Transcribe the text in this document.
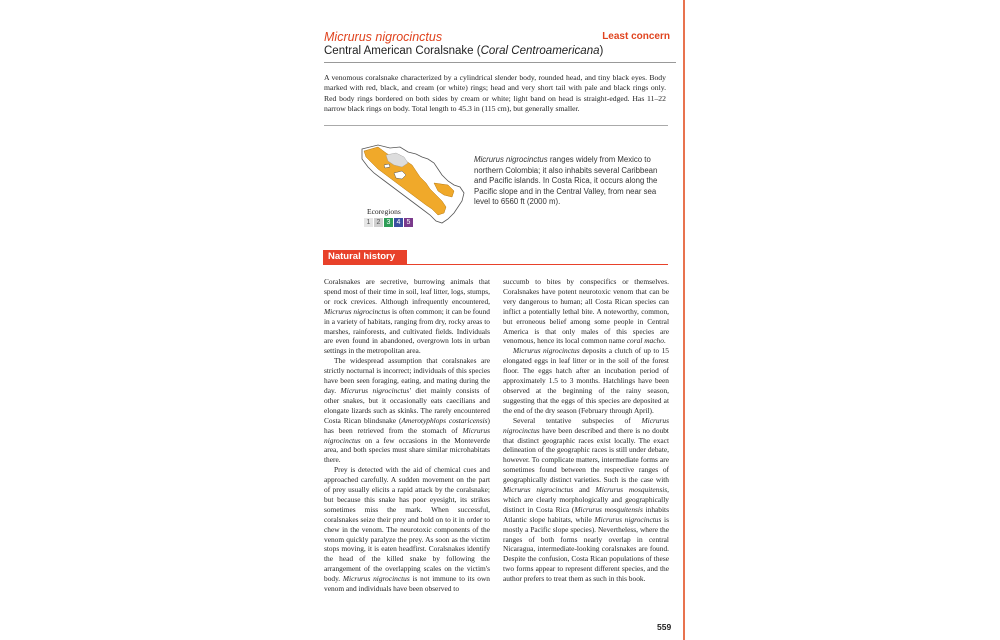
Micrurus nigrocinctus
Central American Coralsnake (Coral Centroamericana)
Least concern
A venomous coralsnake characterized by a cylindrical slender body, rounded head, and tiny black eyes. Body marked with red, black, and cream (or white) rings; head and very short tail with pale and black rings only. Red body rings bordered on both sides by cream or white; light band on head is straight-edged. Has 11–22 narrow black rings on body. Total length to 45.3 in (115 cm), but generally smaller.
Ecoregions
1 2 3 4 5
Micrurus nigrocinctus ranges widely from Mexico to northern Colombia; it also inhabits several Caribbean and Pacific islands. In Costa Rica, it occurs along the Pacific slope and in the Central Valley, from near sea level to 6560 ft (2000 m).
Natural history

Coralsnakes are secretive, burrowing animals that spend most of their time in soil, leaf litter, logs, stumps, or rock crevices. Although infrequently encountered, Micrurus nigrocinctus is often common; it can be found in a variety of habitats, ranging from dry, rocky areas to marshes, rainforests, and cultivated fields. Individuals are even found in abandoned, overgrown lots in urban settings in the metropolitan area.

The widespread assumption that coralsnakes are strictly nocturnal is incorrect; individuals of this species have been seen foraging, eating, and mating during the day. Micrurus nigrocinctus' diet mainly consists of other snakes, but it occasionally eats caecilians and elongate lizards such as skinks. The rarely encountered Costa Rican blindsnake (Amerotyphlops costaricensis) has been retrieved from the stomach of Micrurus nigrocinctus on a few occasions in the Monteverde area, and both species must share similar microhabitats there.

Prey is detected with the aid of chemical cues and approached carefully. A sudden movement on the part of prey usually elicits a rapid attack by the coralsnake; but because this snake has poor eyesight, its strikes sometimes miss the mark. When successful, coralsnakes seize their prey and hold on to it in order to chew in the venom. The neurotoxic components of the venom quickly paralyze the prey. As soon as the victim stops moving, it is eaten headfirst. Coralsnakes identify the head of the killed snake by following the arrangement of the overlapping scales on the victim's body. Micrurus nigrocinctus is not immune to its own venom and individuals have been observed to

succumb to bites by conspecifics or themselves. Coralsnakes have potent neurotoxic venom that can be very dangerous to human; all Costa Rican species can inflict a potentially lethal bite. A noteworthy, common, but erroneous belief among some people in Central America is that only males of this species are venomous, hence its local common name coral macho.

Micrurus nigrocinctus deposits a clutch of up to 15 elongated eggs in leaf litter or in the soil of the forest floor. The eggs hatch after an incubation period of approximately 1.5 to 3 months. Hatchlings have been observed at the beginning of the rainy season, suggesting that the eggs of this species are deposited at the end of the dry season (February through April).

Several tentative subspecies of Micrurus nigrocinctus have been described and there is no doubt that distinct geographic races exist locally. The exact delineation of the geographic races is still under debate, however. To complicate matters, intermediate forms are sometimes found between the respective ranges of geographically distinct varieties. Such is the case with Micrurus nigrocinctus and Micrurus mosquitensis, which are clearly morphologically and geographically distinct in Costa Rica (Micrurus mosquitensis inhabits Atlantic slope habitats, while Micrurus nigrocinctus is mostly a Pacific slope species). Nevertheless, where the ranges of both forms nearly overlap in central Nicaragua, intermediate-looking coralsnakes are found. Despite the confusion, Costa Rican populations of these two forms appear to represent different species, and the author prefers to treat them as such in this book.

559
